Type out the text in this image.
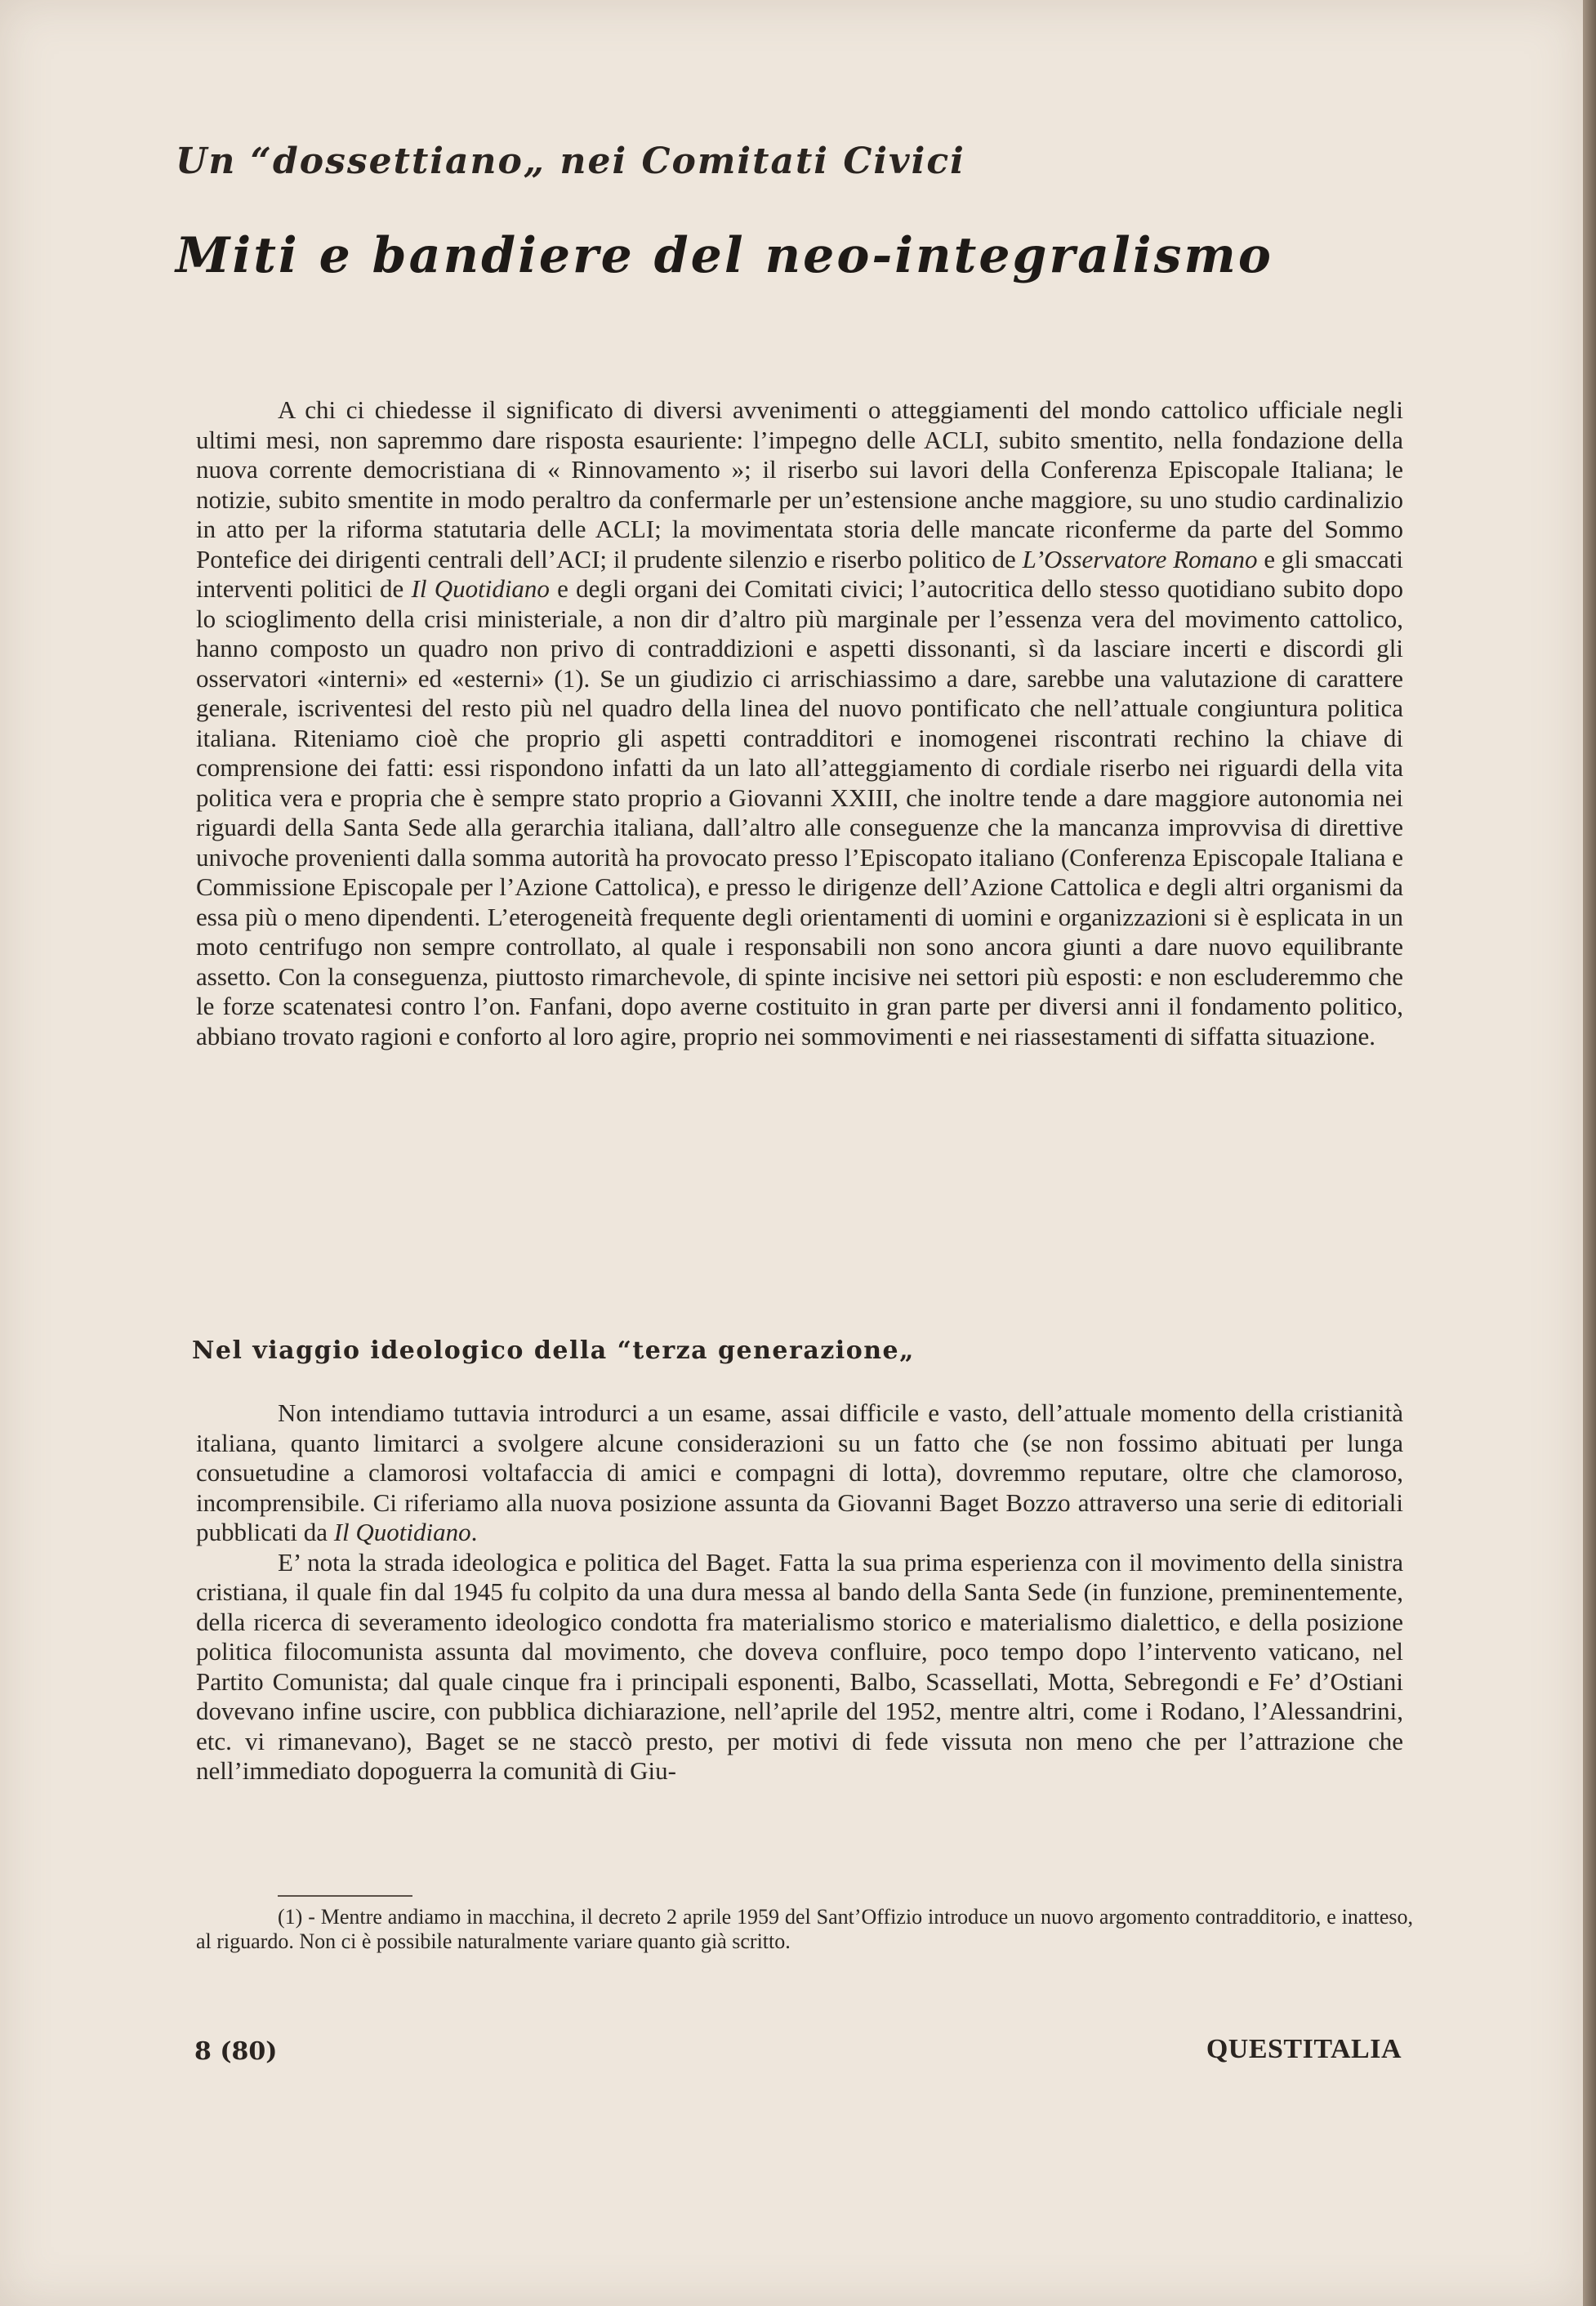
Un “dossettiano„ nei Comitati Civici
Miti e bandiere del neo-integralismo

A chi ci chiedesse il significato di diversi avvenimenti o atteggiamenti del mondo cattolico ufficiale negli ultimi mesi, non sapremmo dare risposta esauriente: l’impegno delle ACLI, subito smentito, nella fondazione della nuova corrente democristiana di « Rinnovamento »; il riserbo sui lavori della Conferenza Episcopale Italiana; le notizie, subito smentite in modo peraltro da confermarle per un’estensione anche maggiore, su uno studio cardinalizio in atto per la riforma statutaria delle ACLI; la movimentata storia delle mancate riconferme da parte del Sommo Pontefice dei dirigenti centrali dell’ACI; il prudente silenzio e riserbo politico de L’Osservatore Romano e gli smaccati interventi politici de Il Quotidiano e degli organi dei Comitati civici; l’autocritica dello stesso quotidiano subito dopo lo scioglimento della crisi ministeriale, a non dir d’altro più marginale per l’essenza vera del movimento cattolico, hanno composto un quadro non privo di contraddizioni e aspetti dissonanti, sì da lasciare incerti e discordi gli osservatori «interni» ed «esterni» (1). Se un giudizio ci arrischiassimo a dare, sarebbe una valutazione di carattere generale, iscriventesi del resto più nel quadro della linea del nuovo pontificato che nell’attuale congiuntura politica italiana. Riteniamo cioè che proprio gli aspetti contradditori e inomogenei riscontrati rechino la chiave di comprensione dei fatti: essi rispondono infatti da un lato all’atteggiamento di cordiale riserbo nei riguardi della vita politica vera e propria che è sempre stato proprio a Giovanni XXIII, che inoltre tende a dare maggiore autonomia nei riguardi della Santa Sede alla gerarchia italiana, dall’altro alle conseguenze che la mancanza improvvisa di direttive univoche provenienti dalla somma autorità ha provocato presso l’Episcopato italiano (Conferenza Episcopale Italiana e Commissione Episcopale per l’Azione Cattolica), e presso le dirigenze dell’Azione Cattolica e degli altri organismi da essa più o meno dipendenti. L’eterogeneità frequente degli orientamenti di uomini e organizzazioni si è esplicata in un moto centrifugo non sempre controllato, al quale i responsabili non sono ancora giunti a dare nuovo equilibrante assetto. Con la conseguenza, piuttosto rimarchevole, di spinte incisive nei settori più esposti: e non escluderemmo che le forze scatenatesi contro l’on. Fanfani, dopo averne costituito in gran parte per diversi anni il fondamento politico, abbiano trovato ragioni e conforto al loro agire, proprio nei sommovimenti e nei riassestamenti di siffatta situazione.

Nel viaggio ideologico della “terza generazione„

Non intendiamo tuttavia introdurci a un esame, assai difficile e vasto, dell’attuale momento della cristianità italiana, quanto limitarci a svolgere alcune considerazioni su un fatto che (se non fossimo abituati per lunga consuetudine a clamorosi voltafaccia di amici e compagni di lotta), dovremmo reputare, oltre che clamoroso, incomprensibile. Ci riferiamo alla nuova posizione assunta da Giovanni Baget Bozzo attraverso una serie di editoriali pubblicati da Il Quotidiano.

E’ nota la strada ideologica e politica del Baget. Fatta la sua prima esperienza con il movimento della sinistra cristiana, il quale fin dal 1945 fu colpito da una dura messa al bando della Santa Sede (in funzione, preminentemente, della ricerca di severamento ideologico condotta fra materialismo storico e materialismo dialettico, e della posizione politica filocomunista assunta dal movimento, che doveva confluire, poco tempo dopo l’intervento vaticano, nel Partito Comunista; dal quale cinque fra i principali esponenti, Balbo, Scassellati, Motta, Sebregondi e Fe’ d’Ostiani dovevano infine uscire, con pubblica dichiarazione, nell’aprile del 1952, mentre altri, come i Rodano, l’Alessandrini, etc. vi rimanevano), Baget se ne staccò presto, per motivi di fede vissuta non meno che per l’attrazione che nell’immediato dopoguerra la comunità di Giu-

(1) - Mentre andiamo in macchina, il decreto 2 aprile 1959 del Sant’Offizio introduce un nuovo argomento contradditorio, e inatteso, al riguardo. Non ci è possibile naturalmente variare quanto già scritto.

8 (80)	QUESTITALIA
